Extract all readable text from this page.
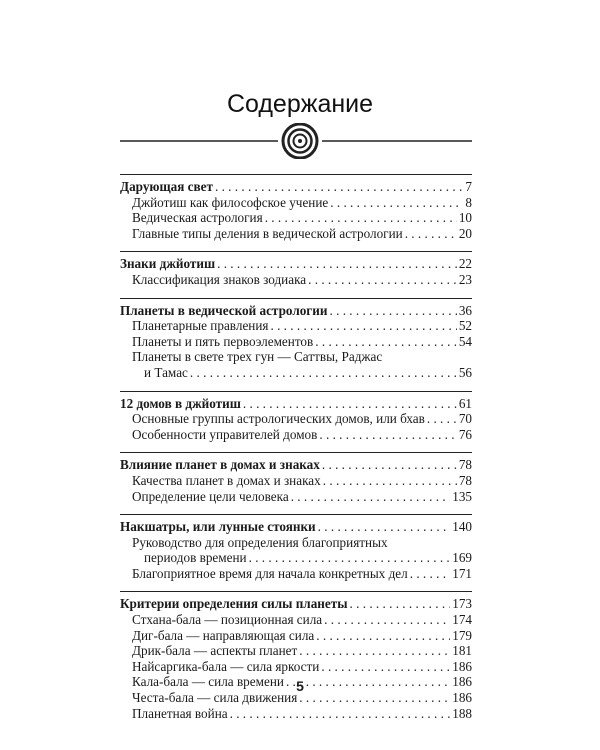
Содержание
Дарующая свет . . .	7
Джйотиш как философское учение . . .	8
Ведическая астрология . . .	10
Главные типы деления в ведической астрологии . . .	20
Знаки джйотиш . . .	22
Классификация знаков зодиака . . .	23
Планеты в ведической астрологии . . .	36
Планетарные правления . . .	52
Планеты и пять первоэлементов . . .	54
Планеты в свете трех гун — Саттвы, Раджас
и Тамас . . .	56
12 домов в джйотиш . . .	61
Основные группы астрологических домов, или бхав . . .	70
Особенности управителей домов . . .	76
Влияние планет в домах и знаках . . .	78
Качества планет в домах и знаках . . .	78
Определение цели человека . . .	135
Накшатры, или лунные стоянки . . .	140
Руководство для определения благоприятных
периодов времени . . .	169
Благоприятное время для начала конкретных дел . . .	171
Критерии определения силы планеты . . .	173
Стхана-бала — позиционная сила . . .	174
Диг-бала — направляющая сила . . .	179
Дрик-бала — аспекты планет . . .	181
Найсаргика-бала — сила яркости . . .	186
Кала-бала — сила времени . . .	186
Честа-бала — сила движения . . .	186
Планетная война . . .	188
5
